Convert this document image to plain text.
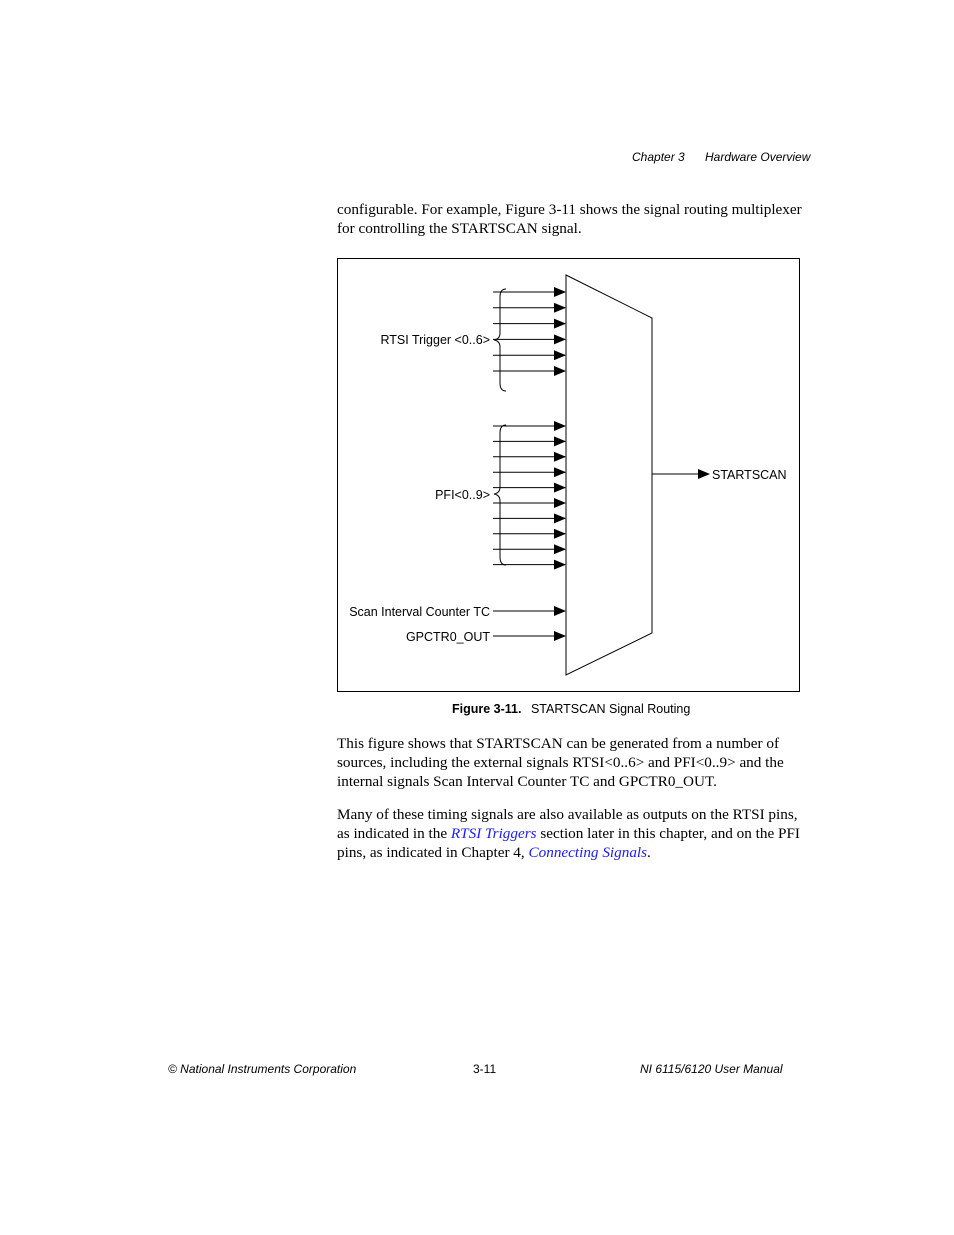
Chapter 3 Hardware Overview

configurable. For example, Figure 3-11 shows the signal routing multiplexer for controlling the STARTSCAN signal.

RTSI Trigger <0..6>
PFI<0..9>
Scan Interval Counter TC
GPCTR0_OUT
STARTSCAN
Figure 3-11. STARTSCAN Signal Routing

This figure shows that STARTSCAN can be generated from a number of sources, including the external signals RTSI<0..6> and PFI<0..9> and the internal signals Scan Interval Counter TC and GPCTR0_OUT.

Many of these timing signals are also available as outputs on the RTSI pins, as indicated in the RTSI Triggers section later in this chapter, and on the PFI pins, as indicated in Chapter 4, Connecting Signals.

© National Instruments Corporation	3-11	NI 6115/6120 User Manual
